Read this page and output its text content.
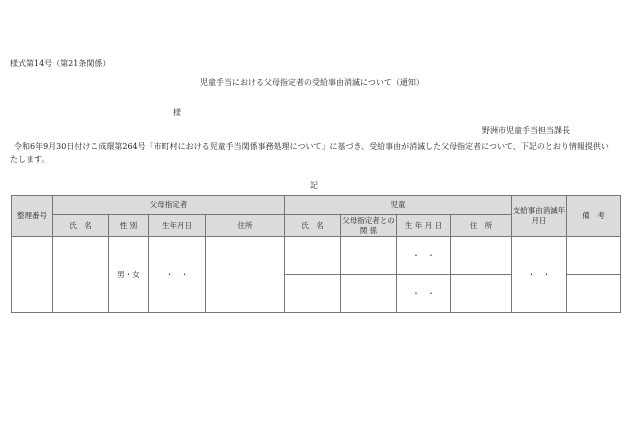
様式第14号（第21条関係）
児童手当における父母指定者の受給事由消滅について（通知）
様
野洲市児童手当担当課長
令和6年9月30日付けこ成環第264号「市町村における児童手当関係事務処理について」に基づき、受給事由が消滅した父母指定者について、下記のとおり情報提供い
たします。
記
整理番号	父母指定者				児童				支給事由消滅年月日	備　考
	氏　名	性 別	生年月日	住所	氏　名	父母指定者との 関 係	生 年 月 日	住　所		
		男・女	・　・				・　・		・　・	
							・　・			
